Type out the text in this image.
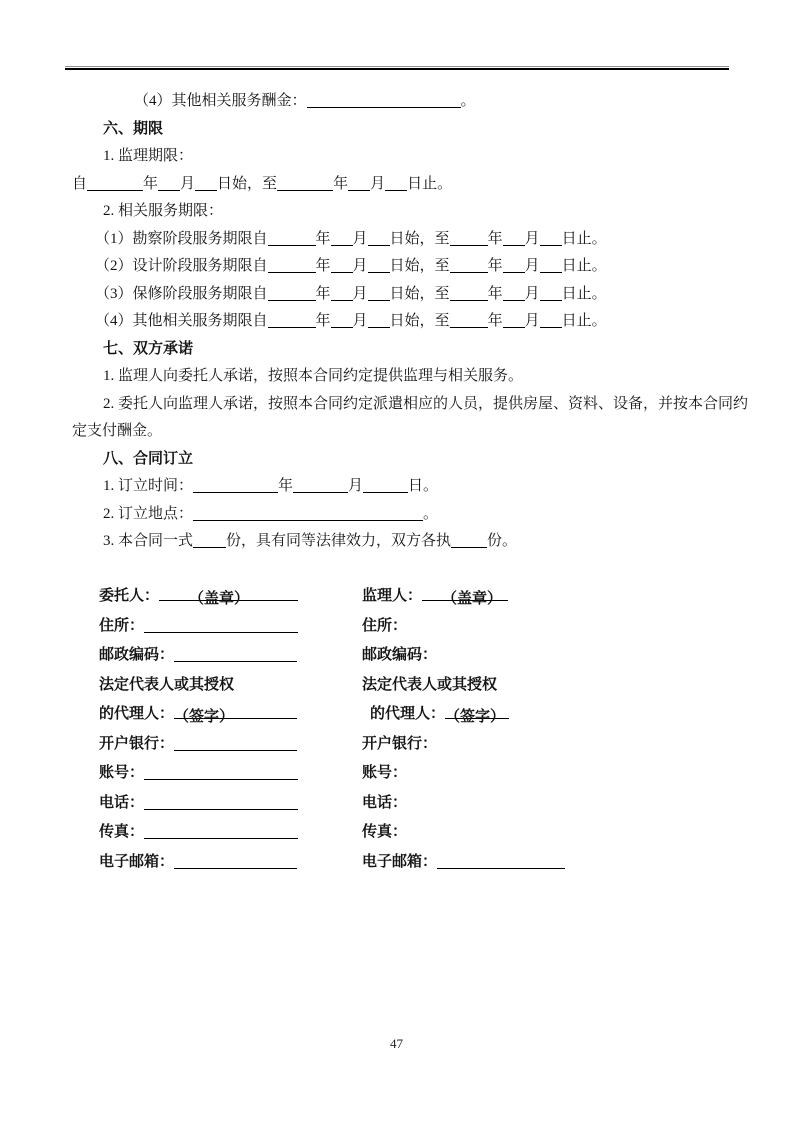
（4）其他相关服务酬金：	。
六、期限
1. 监理期限：
自	年 月 日始，至	年 月 日止。
2. 相关服务期限：
（1）勘察阶段服务期限自	年 月 日始，至	年 月 日止。
（2）设计阶段服务期限自	年 月 日始，至	年 月 日止。
（3）保修阶段服务期限自	年 月 日始，至	年 月 日止。
（4）其他相关服务期限自	年 月 日始，至	年 月 日止。
七、双方承诺
1. 监理人向委托人承诺，按照本合同约定提供监理与相关服务。
2. 委托人向监理人承诺，按照本合同约定派遣相应的人员，提供房屋、资料、设备，并按本合同约
定支付酬金。
八、合同订立
1. 订立时间：	年	月	日。
2. 订立地点：	。
3. 本合同一式 份，具有同等法律效力，双方各执 份。
委托人： （盖章）
住所：
邮政编码：
法定代表人或其授权
的代理人：（签字）
开户银行：
账号：
电话：
传真：
电子邮箱：
监理人： （盖章）
住所：
邮政编码：
法定代表人或其授权
的代理人：（签字）
开户银行：
账号：
电话：
传真：
电子邮箱：
47
